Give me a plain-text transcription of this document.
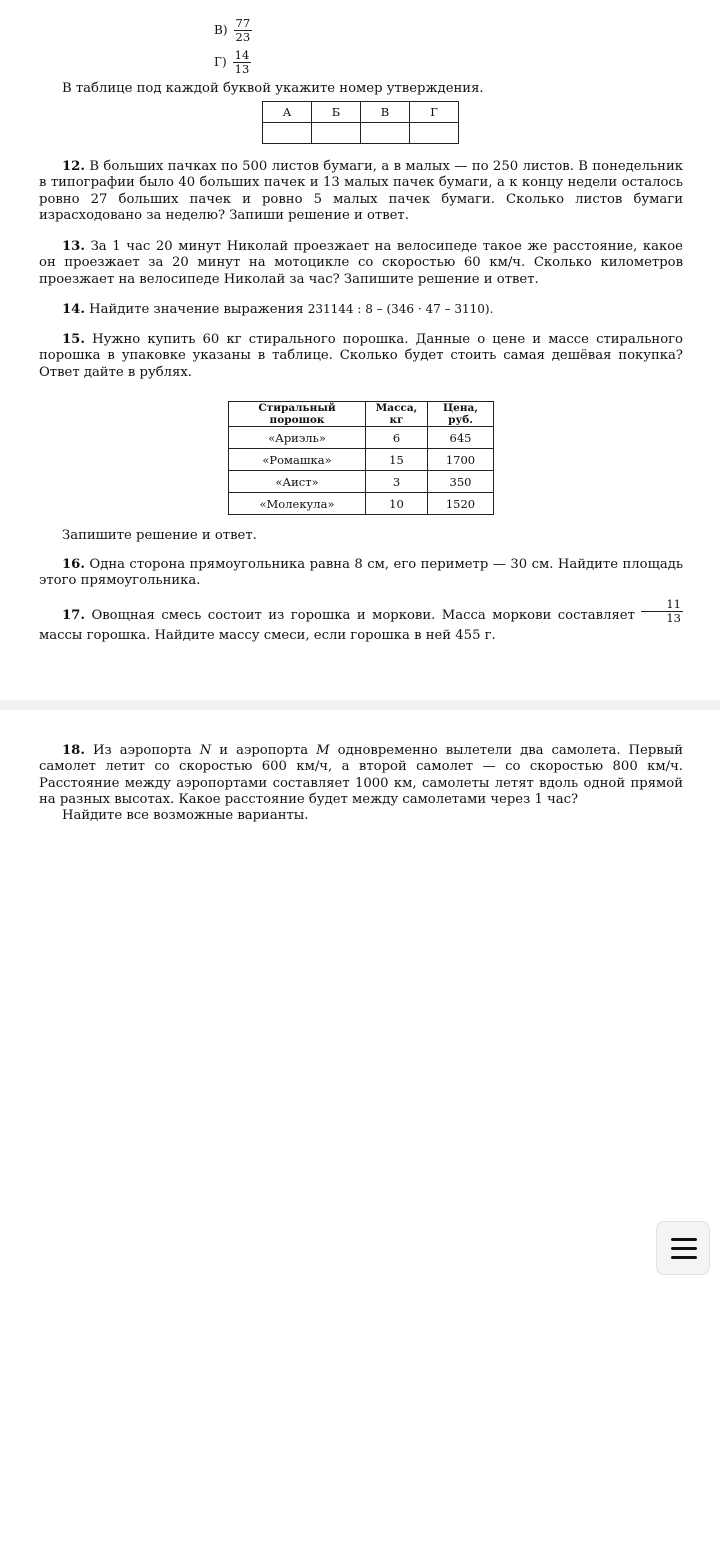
$В) \frac{77}{23}$
$Г) \frac{14}{13}$
В таблице под каждой буквой укажите номер утверждения.
А	Б	В	Г

12. В больших пачках по 500 листов бумаги, а в малых — по 250 листов. В понедельник в типографии было 40 больших пачек и 13 малых пачек бумаги, а к концу недели осталось ровно 27 больших пачек и ровно 5 малых пачек бумаги. Сколько листов бумаги израсходовано за неделю? Запиши решение и ответ.
13. За 1 час 20 минут Николай проезжает на велосипеде такое же расстояние, какое он проезжает за 20 минут на мотоцикле со скоростью 60 км/ч. Сколько километров проезжает на велосипеде Николай за час? Запишите решение и ответ.
14. Найдите значение выражения 231144 : 8 – (346 · 47 – 3110).
15. Нужно купить 60 кг стирального порошка. Данные о цене и массе стирального порошка в упаковке указаны в таблице. Сколько будет стоить самая дешёвая покупка? Ответ дайте в рублях.
Стиральный порошок	Масса, кг	Цена, руб.
«Ариэль»	6	645
«Ромашка»	15	1700
«Аист»	3	350
«Молекула»	10	1520
Запишите решение и ответ.
16. Одна сторона прямоугольника равна 8 см, его периметр — 30 см. Найдите площадь этого прямоугольника.
17. Овощная смесь состоит из горошка и моркови. Масса моркови составляет $\frac{11}{13}$
массы горошка. Найдите массу смеси, если горошка в ней 455 г.
18. Из аэропорта N и аэропорта M одновременно вылетели два самолета. Первый самолет летит со скоростью 600 км/ч, а второй самолет — со скоростью 800 км/ч. Расстояние между аэропортами составляет 1000 км, самолеты летят вдоль одной прямой на разных высотах. Какое расстояние будет между самолетами через 1 час?
Найдите все возможные варианты.
